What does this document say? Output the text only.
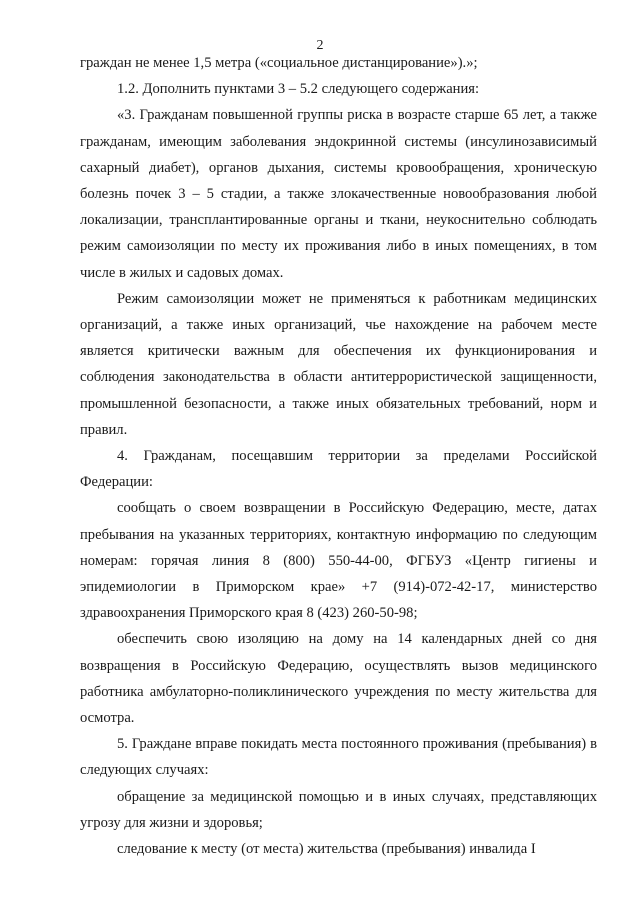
2

граждан не менее 1,5 метра («социальное дистанцирование»).»;

1.2. Дополнить пунктами 3 – 5.2 следующего содержания:

«3. Гражданам повышенной группы риска в возрасте старше 65 лет, а также гражданам, имеющим заболевания эндокринной системы (инсулинозависимый сахарный диабет), органов дыхания, системы кровообращения, хроническую болезнь почек 3 – 5 стадии, а также злокачественные новообразования любой локализации, трансплантированные органы и ткани, неукоснительно соблюдать режим самоизоляции по месту их проживания либо в иных помещениях, в том числе в жилых и садовых домах.

Режим самоизоляции может не применяться к работникам медицинских организаций, а также иных организаций, чье нахождение на рабочем месте является критически важным для обеспечения их функционирования и соблюдения законодательства в области антитеррористической защищенности, промышленной безопасности, а также иных обязательных требований, норм и правил.

4. Гражданам, посещавшим территории за пределами Российской Федерации:

сообщать о своем возвращении в Российскую Федерацию, месте, датах пребывания на указанных территориях, контактную информацию по следующим номерам: горячая линия 8 (800) 550-44-00, ФГБУЗ «Центр гигиены и эпидемиологии в Приморском крае» +7 (914)-072-42-17, министерство здравоохранения Приморского края 8 (423) 260-50-98;

обеспечить свою изоляцию на дому на 14 календарных дней со дня возвращения в Российскую Федерацию, осуществлять вызов медицинского работника амбулаторно-поликлинического учреждения по месту жительства для осмотра.

5. Граждане вправе покидать места постоянного проживания (пребывания) в следующих случаях:

обращение за медицинской помощью и в иных случаях, представляющих угрозу для жизни и здоровья;

следование к месту (от места) жительства (пребывания) инвалида I
